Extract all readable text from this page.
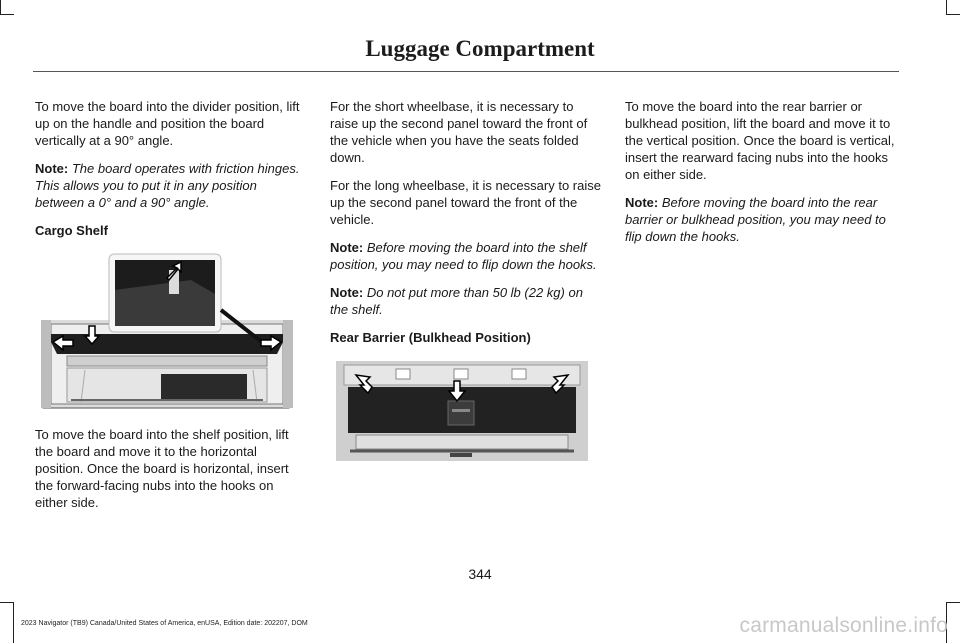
Luggage Compartment

To move the board into the divider position, lift up on the handle and position the board vertically at a 90° angle.

Note: The board operates with friction hinges. This allows you to put it in any position between a 0° and a 90° angle.

Cargo Shelf

To move the board into the shelf position, lift the board and move it to the horizontal position. Once the board is horizontal, insert the forward-facing nubs into the hooks on either side.

For the short wheelbase, it is necessary to raise up the second panel toward the front of the vehicle when you have the seats folded down.

For the long wheelbase, it is necessary to raise up the second panel toward the front of the vehicle.

Note: Before moving the board into the shelf position, you may need to flip down the hooks.

Note: Do not put more than 50 lb (22 kg) on the shelf.

Rear Barrier (Bulkhead Position)

To move the board into the rear barrier or bulkhead position, lift the board and move it to the vertical position. Once the board is vertical, insert the rearward facing nubs into the hooks on either side.

Note: Before moving the board into the rear barrier or bulkhead position, you may need to flip down the hooks.

344
2023 Navigator (TB9) Canada/United States of America, enUSA, Edition date: 202207, DOM	carmanualsonline.info
